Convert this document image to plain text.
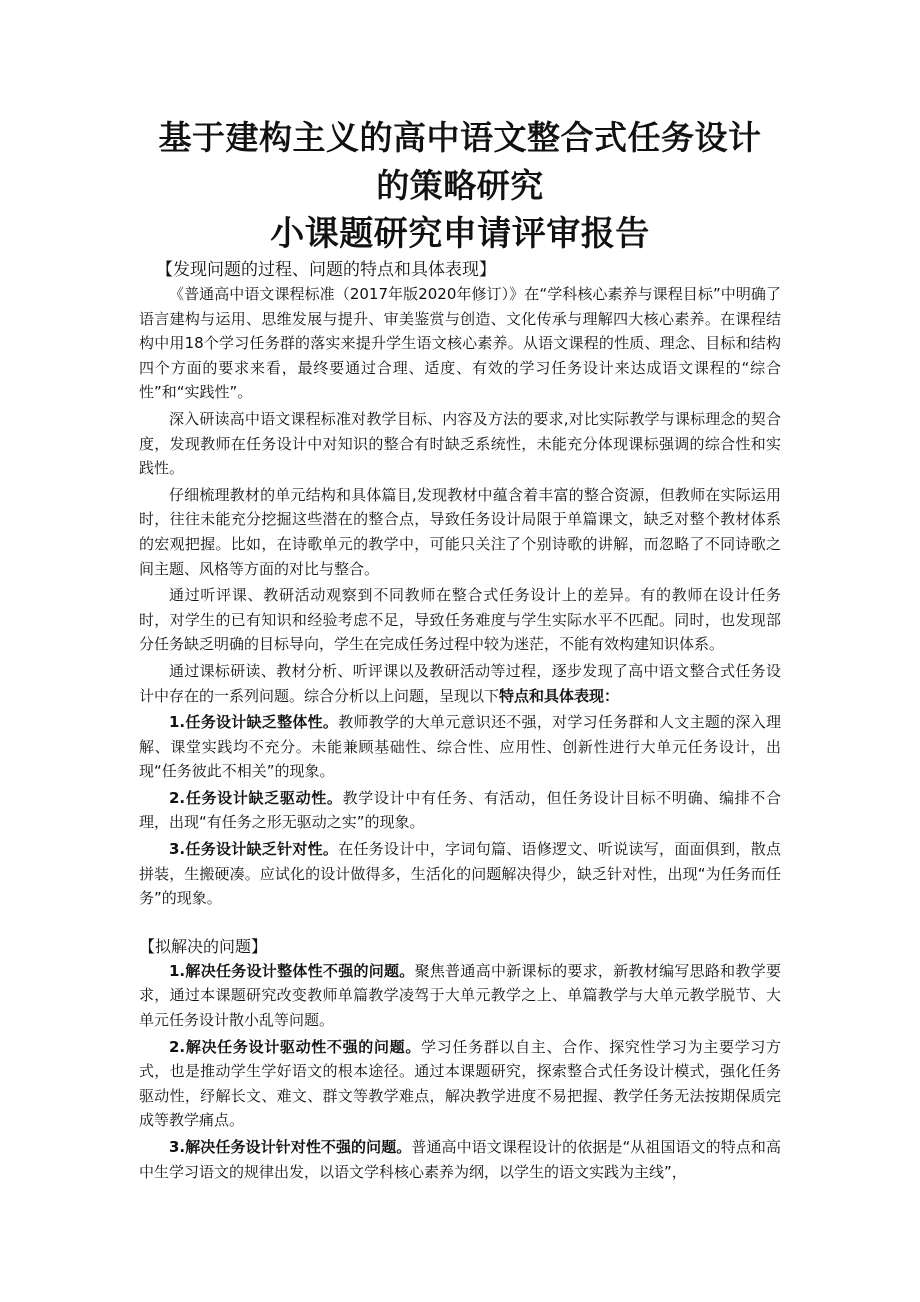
基于建构主义的高中语文整合式任务设计
的策略研究
小课题研究申请评审报告
【发现问题的过程、问题的特点和具体表现】

《普通高中语文课程标准（2017年版2020年修订）》在“学科核心素养与课程目标”中明确了语言建构与运用、思维发展与提升、审美鉴赏与创造、文化传承与理解四大核心素养。在课程结构中用18个学习任务群的落实来提升学生语文核心素养。从语文课程的性质、理念、目标和结构四个方面的要求来看，最终要通过合理、适度、有效的学习任务设计来达成语文课程的“综合性”和“实践性”。

深入研读高中语文课程标准对教学目标、内容及方法的要求,对比实际教学与课标理念的契合度，发现教师在任务设计中对知识的整合有时缺乏系统性，未能充分体现课标强调的综合性和实践性。

仔细梳理教材的单元结构和具体篇目,发现教材中蕴含着丰富的整合资源，但教师在实际运用时，往往未能充分挖掘这些潜在的整合点，导致任务设计局限于单篇课文，缺乏对整个教材体系的宏观把握。比如，在诗歌单元的教学中，可能只关注了个别诗歌的讲解，而忽略了不同诗歌之间主题、风格等方面的对比与整合。

通过听评课、教研活动观察到不同教师在整合式任务设计上的差异。有的教师在设计任务时，对学生的已有知识和经验考虑不足，导致任务难度与学生实际水平不匹配。同时，也发现部分任务缺乏明确的目标导向，学生在完成任务过程中较为迷茫，不能有效构建知识体系。

通过课标研读、教材分析、听评课以及教研活动等过程，逐步发现了高中语文整合式任务设计中存在的一系列问题。综合分析以上问题，呈现以下特点和具体表现：

1.任务设计缺乏整体性。教师教学的大单元意识还不强，对学习任务群和人文主题的深入理解、课堂实践均不充分。未能兼顾基础性、综合性、应用性、创新性进行大单元任务设计，出现“任务彼此不相关”的现象。

2.任务设计缺乏驱动性。教学设计中有任务、有活动，但任务设计目标不明确、编排不合理，出现“有任务之形无驱动之实”的现象。

3.任务设计缺乏针对性。在任务设计中，字词句篇、语修逻文、听说读写，面面俱到，散点拼装，生搬硬凑。应试化的设计做得多，生活化的问题解决得少，缺乏针对性，出现“为任务而任务”的现象。

【拟解决的问题】

1.解决任务设计整体性不强的问题。聚焦普通高中新课标的要求，新教材编写思路和教学要求，通过本课题研究改变教师单篇教学凌驾于大单元教学之上、单篇教学与大单元教学脱节、大单元任务设计散小乱等问题。

2.解决任务设计驱动性不强的问题。学习任务群以自主、合作、探究性学习为主要学习方式，也是推动学生学好语文的根本途径。通过本课题研究，探索整合式任务设计模式，强化任务驱动性，纾解长文、难文、群文等教学难点，解决教学进度不易把握、教学任务无法按期保质完成等教学痛点。

3.解决任务设计针对性不强的问题。普通高中语文课程设计的依据是“从祖国语文的特点和高中生学习语文的规律出发，以语文学科核心素养为纲，以学生的语文实践为主线”，
